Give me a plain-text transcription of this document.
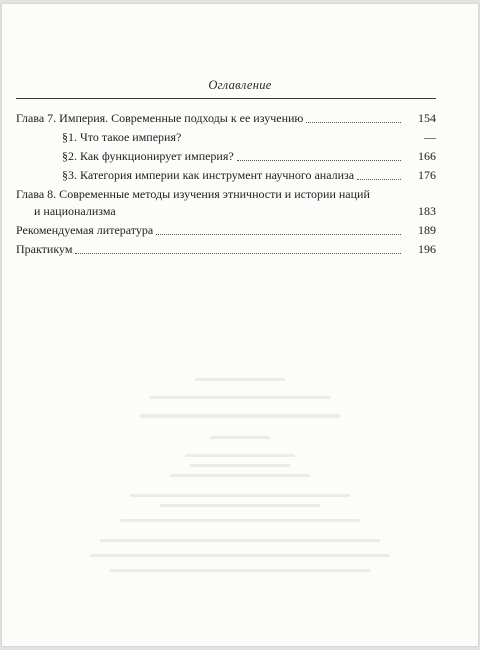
Оглавление
Глава 7. Империя. Современные подходы к ее изучению	154
§1. Что такое империя?	—
§2. Как функционирует империя?	166
§3. Категория империи как инструмент научного анализа	176
Глава 8. Современные методы изучения этничности и истории наций
и национализма	183
Рекомендуемая литература	189
Практикум	196
